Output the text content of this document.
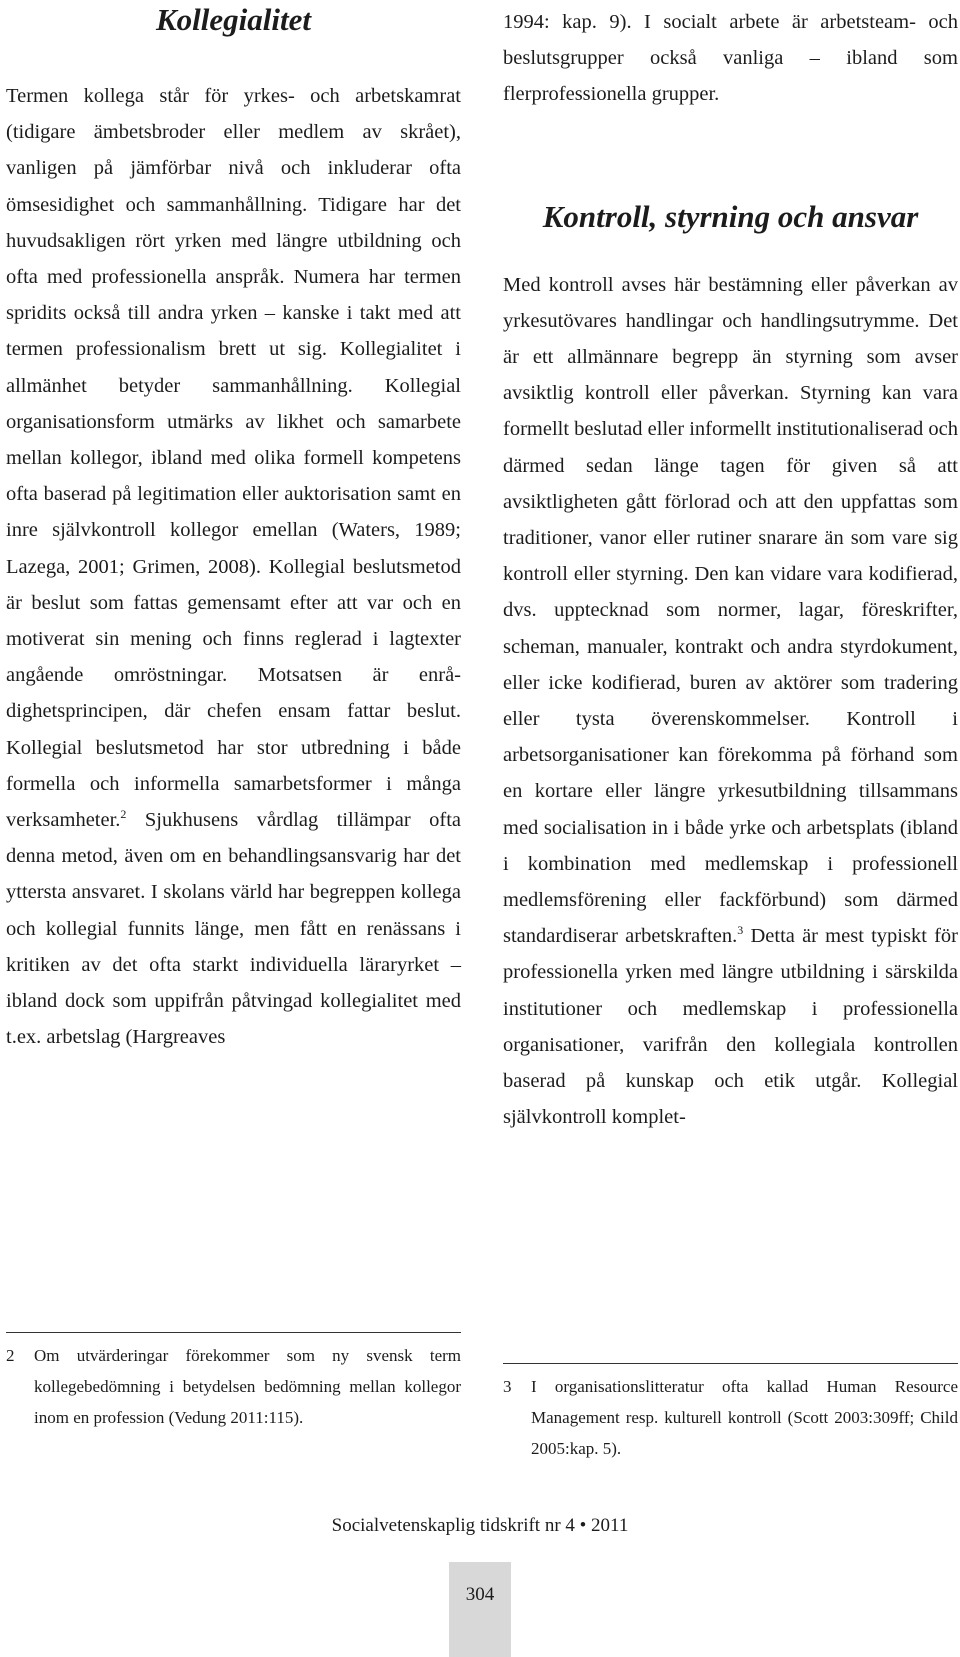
Kollegialitet

Termen kollega står för yrkes- och arbetskamrat (tidigare ämbetsbroder eller medlem av skrået), vanligen på jämförbar nivå och inkluderar ofta ömsesidighet och sammanhållning. Tidigare har det huvudsakligen rört yrken med längre utbildning och ofta med professionella anspråk. Numera har termen spridits också till andra yrken – kanske i takt med att termen professionalism brett ut sig. Kollegialitet i allmänhet betyder sammanhållning. Kollegial organisationsform utmärks av likhet och samarbete mellan kollegor, ibland med olika formell kompetens ofta baserad på legitimation eller auktorisation samt en inre självkontroll kollegor emellan (Waters, 1989; Lazega, 2001; Grimen, 2008). Kollegial beslutsmetod är beslut som fattas gemensamt efter att var och en motiverat sin mening och finns reglerad i lagtexter angående omröstningar. Motsatsen är enrådighetsprincipen, där chefen ensam fattar beslut. Kollegial beslutsmetod har stor utbredning i både formella och informella samarbetsformer i många verksamheter.$^2$ Sjukhusens vårdlag tillämpar ofta denna metod, även om en behandlingsansvarig har det yttersta ansvaret. I skolans värld har begreppen kollega och kollegial funnits länge, men fått en renässans i kritiken av det ofta starkt individuella läraryrket – ibland dock som uppifrån påtvingad kollegialitet med t.ex. arbetslag (Hargreaves

1994: kap. 9). I socialt arbete är arbetsteam- och beslutsgrupper också vanliga – ibland som flerprofessionella grupper.

Kontroll, styrning och ansvar

Med kontroll avses här bestämning eller påverkan av yrkesutövares handlingar och handlingsutrymme. Det är ett allmännare begrepp än styrning som avser avsiktlig kontroll eller påverkan. Styrning kan vara formellt beslutad eller informellt institutionaliserad och därmed sedan länge tagen för given så att avsiktligheten gått förlorad och att den uppfattas som traditioner, vanor eller rutiner snarare än som vare sig kontroll eller styrning. Den kan vidare vara kodifierad, dvs. upptecknad som normer, lagar, föreskrifter, scheman, manualer, kontrakt och andra styrdokument, eller icke kodifierad, buren av aktörer som tradering eller tysta överenskommelser. Kontroll i arbetsorganisationer kan förekomma på förhand som en kortare eller längre yrkesutbildning tillsammans med socialisation in i både yrke och arbetsplats (ibland i kombination med medlemskap i professionell medlemsförening eller fackförbund) som därmed standardiserar arbetskraften.$^3$ Detta är mest typiskt för professionella yrken med längre utbildning i särskilda institutioner och medlemskap i professionella organisationer, varifrån den kollegiala kontrollen baserad på kunskap och etik utgår. Kollegial självkontroll komplet-

2	Om utvärderingar förekommer som ny svensk term kollegebedömning i betydelsen bedömning mellan kollegor inom en profession (Vedung 2011:115).
3	I organisationslitteratur ofta kallad Human Resource Management resp. kulturell kontroll (Scott 2003:309ff; Child 2005:kap. 5).
Socialvetenskaplig tidskrift nr 4 • 2011
304
